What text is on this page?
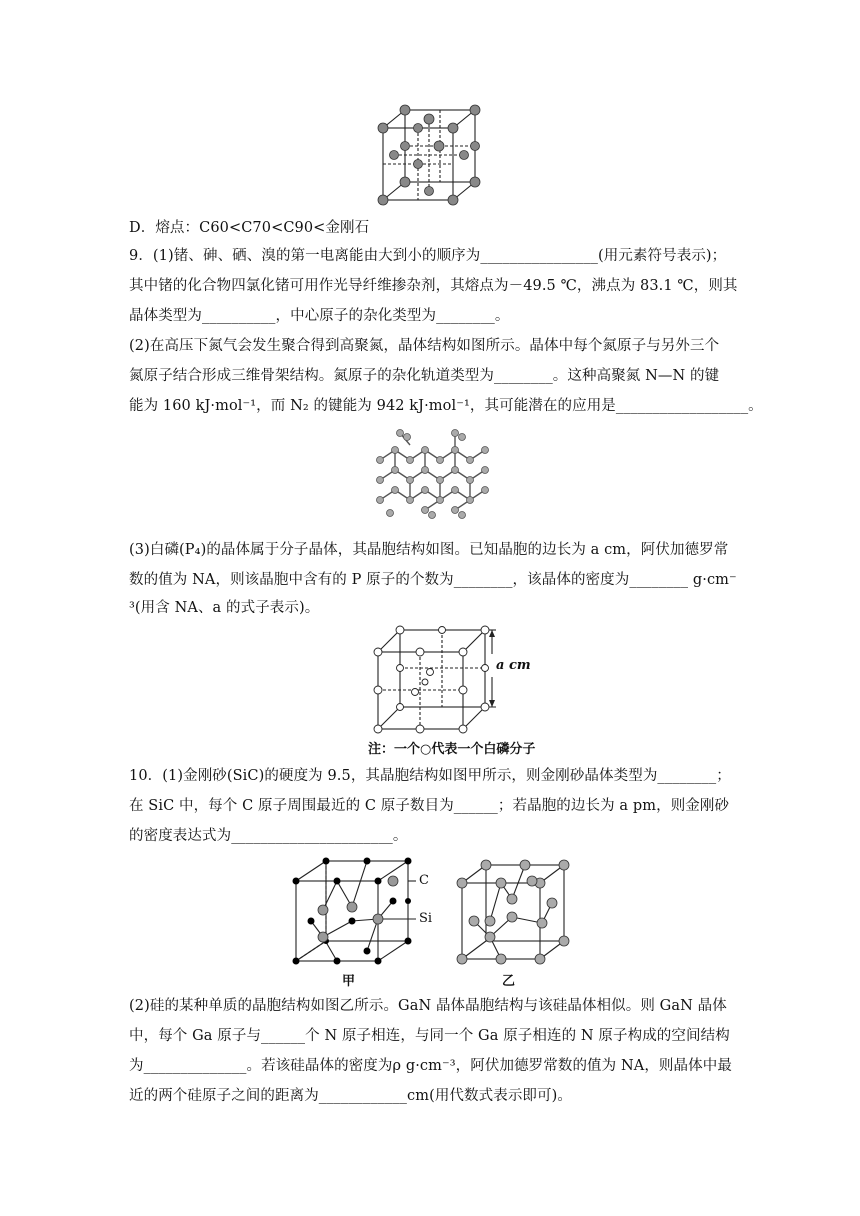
D．熔点：C60<C70<C90<金刚石
9．(1)锗、砷、硒、溴的第一电离能由大到小的顺序为________________(用元素符号表示)；
其中锗的化合物四氯化锗可用作光导纤维掺杂剂，其熔点为－49.5 ℃，沸点为 83.1 ℃，则其
晶体类型为__________，中心原子的杂化类型为________。
(2)在高压下氮气会发生聚合得到高聚氮，晶体结构如图所示。晶体中每个氮原子与另外三个
氮原子结合形成三维骨架结构。氮原子的杂化轨道类型为________。这种高聚氮 N—N 的键
能为 160 kJ·mol⁻¹，而 N₂ 的键能为 942 kJ·mol⁻¹，其可能潜在的应用是__________________。
(3)白磷(P₄)的晶体属于分子晶体，其晶胞结构如图。已知晶胞的边长为 a cm，阿伏加德罗常
数的值为 NA，则该晶胞中含有的 P 原子的个数为________，该晶体的密度为________ g·cm⁻
³(用含 NA、a 的式子表示)。
a cm
注：一个○代表一个白磷分子
10．(1)金刚砂(SiC)的硬度为 9.5，其晶胞结构如图甲所示，则金刚砂晶体类型为________；
在 SiC 中，每个 C 原子周围最近的 C 原子数目为______；若晶胞的边长为 a pm，则金刚砂
的密度表达式为______________________。
C
Si
甲	乙
(2)硅的某种单质的晶胞结构如图乙所示。GaN 晶体晶胞结构与该硅晶体相似。则 GaN 晶体
中，每个 Ga 原子与______个 N 原子相连，与同一个 Ga 原子相连的 N 原子构成的空间结构
为______________。若该硅晶体的密度为ρ g·cm⁻³，阿伏加德罗常数的值为 NA，则晶体中最
近的两个硅原子之间的距离为____________cm(用代数式表示即可)。
